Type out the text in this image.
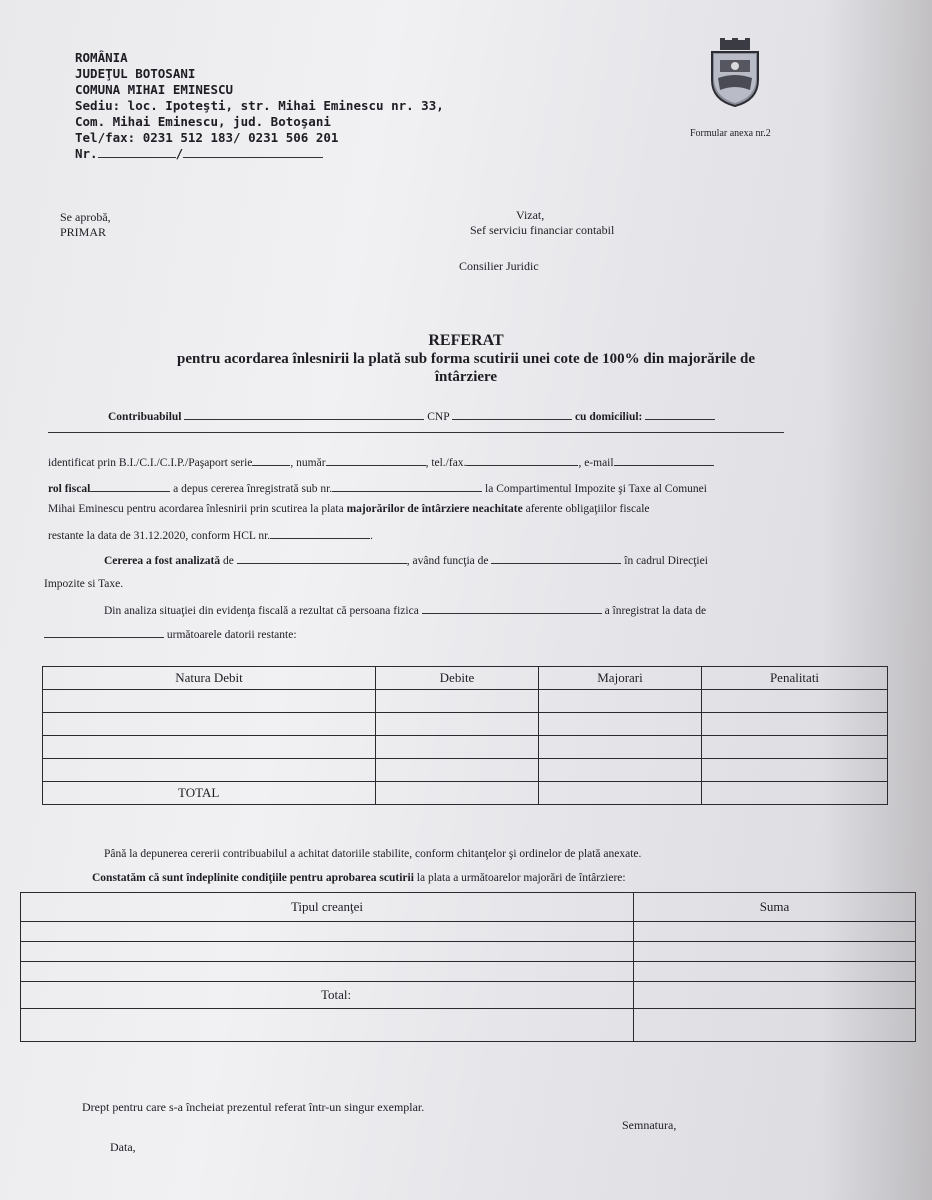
ROMÂNIA
JUDEŢUL BOTOSANI
COMUNA MIHAI EMINESCU
Sediu: loc. Ipoteşti, str. Mihai Eminescu nr. 33,
Com. Mihai Eminescu, jud. Botoşani
Tel/fax: 0231 512 183/ 0231 506 201
Nr.	/
Formular anexa nr.2
Se aprobă,
PRIMAR
Vizat,
Sef serviciu financiar contabil
Consilier Juridic
REFERAT
pentru acordarea înlesnirii la plată sub forma scutirii unei cote de 100% din majorările de
întârziere
Contribuabilul	CNP	cu domiciliul:
identificat prin B.I./C.I./C.I.P./Paşaport serie	, număr	, tel./fax.	, e-mail
rol fiscal	a depus cererea înregistrată sub nr.	la Compartimentul Impozite şi Taxe al Comunei
Mihai Eminescu pentru acordarea înlesnirii prin scutirea la plata majorărilor de întârziere neachitate aferente obligaţiilor fiscale
restante la data de 31.12.2020, conform HCL nr.	.
Cererea a fost analizată de	, având funcţia de	în cadrul Direcţiei
Impozite si Taxe.
Din analiza situaţiei din evidenţa fiscală a rezultat că persoana fizica	a înregistrat la data de
următoarele datorii restante:
Natura Debit	Debite	Majorari	Penalitati

TOTAL			
Până la depunerea cererii contribuabilul a achitat datoriile stabilite, conform chitanţelor şi ordinelor de plată anexate.
Constatăm că sunt îndeplinite condiţiile pentru aprobarea scutirii la plata a următoarelor majorări de întârziere:
Tipul creanţei	Suma

Total:	

Drept pentru care s-a încheiat prezentul referat într-un singur exemplar.
Semnatura,
Data,
